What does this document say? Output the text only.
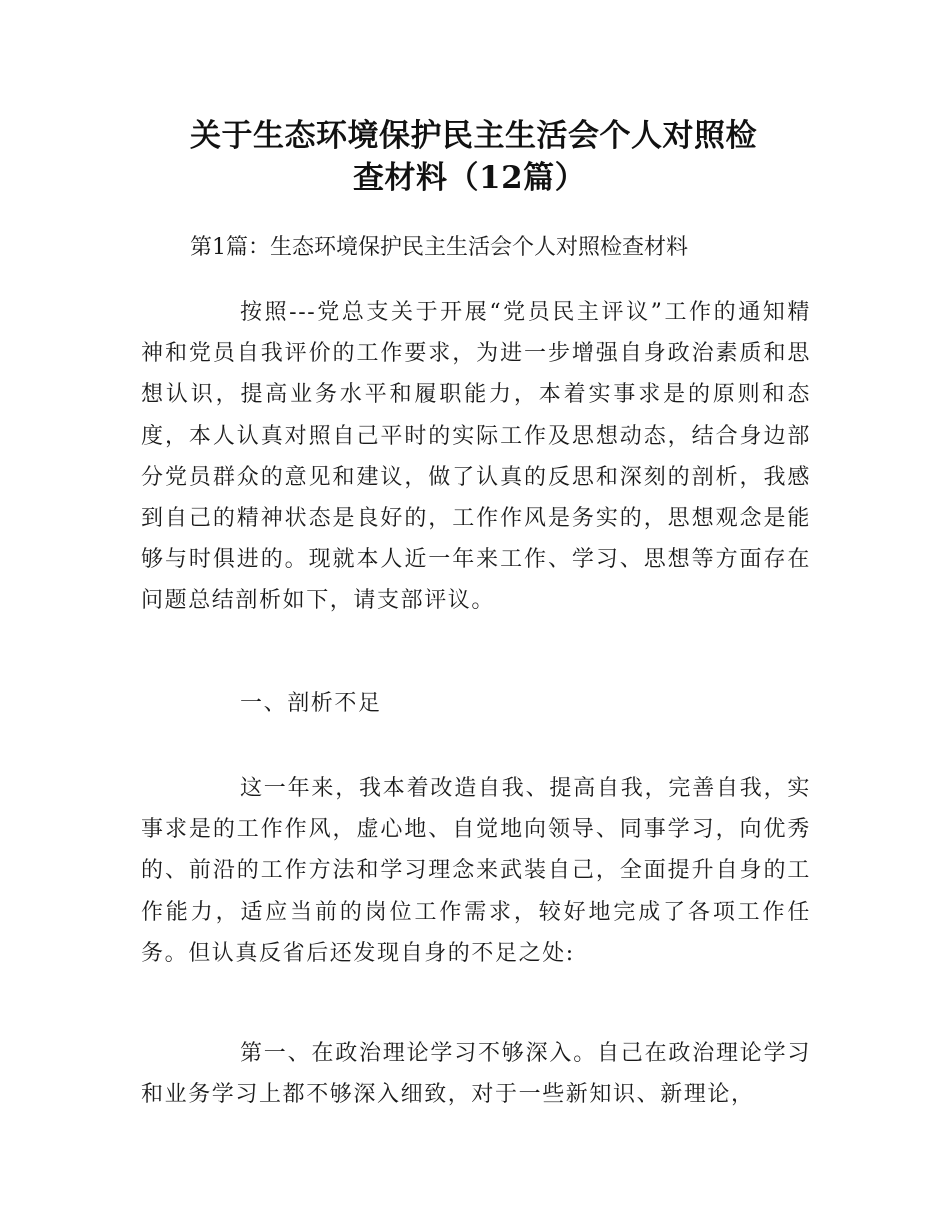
关于生态环境保护民主生活会个人对照检
查材料（12篇）
第1篇：生态环境保护民主生活会个人对照检查材料

按照---党总支关于开展“党员民主评议”工作的通知精神和党员自我评价的工作要求，为进一步增强自身政治素质和思想认识，提高业务水平和履职能力，本着实事求是的原则和态度，本人认真对照自己平时的实际工作及思想动态，结合身边部分党员群众的意见和建议，做了认真的反思和深刻的剖析，我感到自己的精神状态是良好的，工作作风是务实的，思想观念是能够与时俱进的。现就本人近一年来工作、学习、思想等方面存在问题总结剖析如下，请支部评议。

一、剖析不足

这一年来，我本着改造自我、提高自我，完善自我，实事求是的工作作风，虚心地、自觉地向领导、同事学习，向优秀的、前沿的工作方法和学习理念来武装自己，全面提升自身的工作能力，适应当前的岗位工作需求，较好地完成了各项工作任务。但认真反省后还发现自身的不足之处:

第一、在政治理论学习不够深入。自己在政治理论学习和业务学习上都不够深入细致，对于一些新知识、新理论，
